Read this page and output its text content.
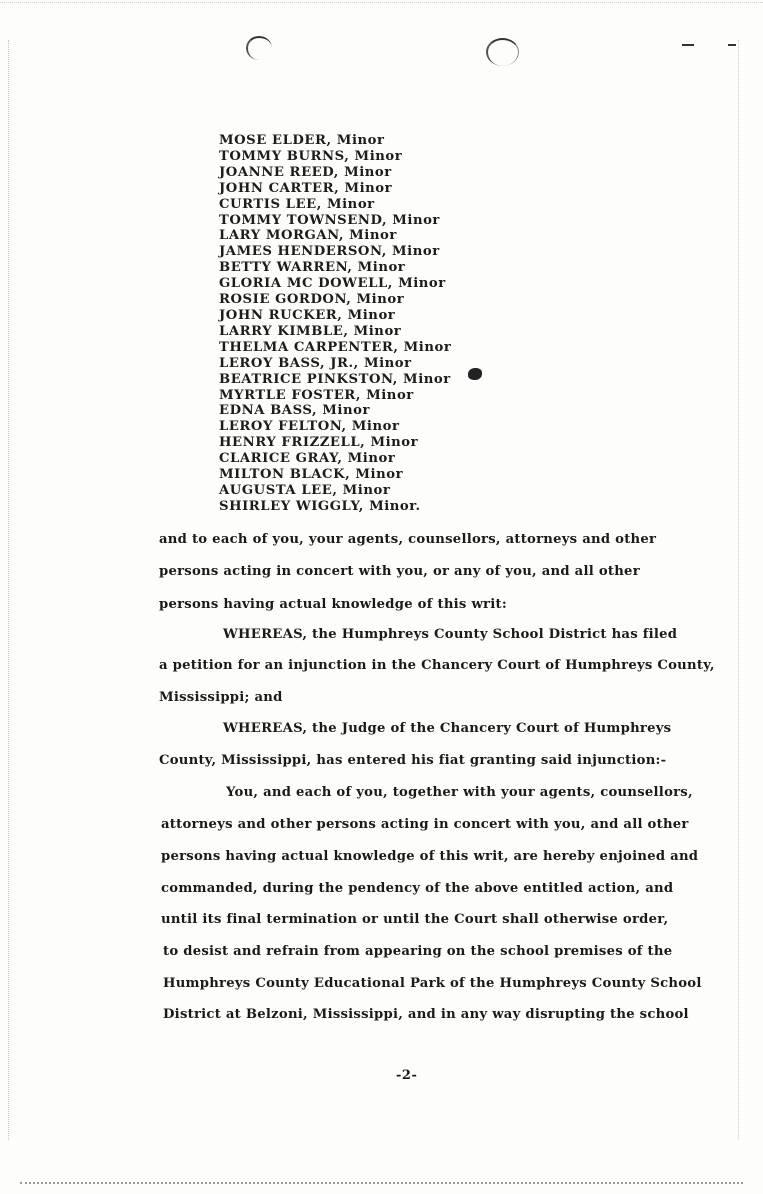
MOSE ELDER, Minor
TOMMY BURNS, Minor
JOANNE REED, Minor
JOHN CARTER, Minor
CURTIS LEE, Minor
TOMMY TOWNSEND, Minor
LARY MORGAN, Minor
JAMES HENDERSON, Minor
BETTY WARREN, Minor
GLORIA MC DOWELL, Minor
ROSIE GORDON, Minor
JOHN RUCKER, Minor
LARRY KIMBLE, Minor
THELMA CARPENTER, Minor
LEROY BASS, JR., Minor
BEATRICE PINKSTON, Minor
MYRTLE FOSTER, Minor
EDNA BASS, Minor
LEROY FELTON, Minor
HENRY FRIZZELL, Minor
CLARICE GRAY, Minor
MILTON BLACK, Minor
AUGUSTA LEE, Minor
SHIRLEY WIGGLY, Minor.
and to each of you, your agents, counsellors, attorneys and other
persons acting in concert with you, or any of you, and all other
persons having actual knowledge of this writ:
WHEREAS, the Humphreys County School District has filed
a petition for an injunction in the Chancery Court of Humphreys County,
Mississippi; and
WHEREAS, the Judge of the Chancery Court of Humphreys
County, Mississippi, has entered his fiat granting said injunction:-
You, and each of you, together with your agents, counsellors,
attorneys and other persons acting in concert with you, and all other
persons having actual knowledge of this writ, are hereby enjoined and
commanded, during the pendency of the above entitled action, and
until its final termination or until the Court shall otherwise order,
to desist and refrain from appearing on the school premises of the
Humphreys County Educational Park of the Humphreys County School
District at Belzoni, Mississippi, and in any way disrupting the school
-2-
